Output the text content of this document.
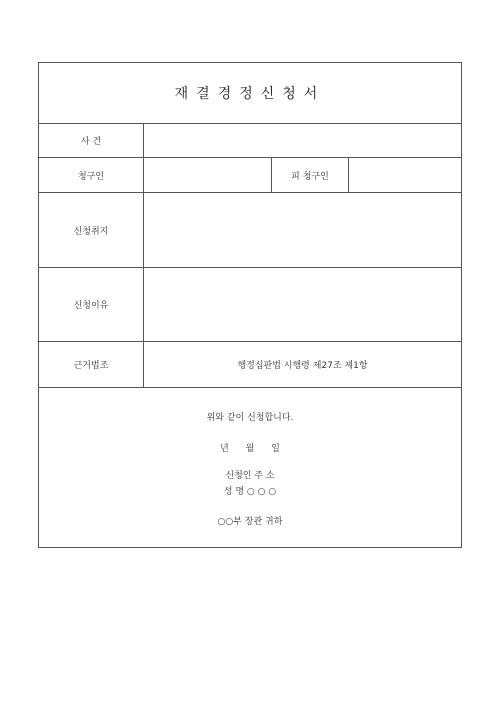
재결경정신청서
사 건
청구인	피 청구인
신청취지
신청이유
근거법조	행정심판법 시행령 제27조 제1항
위와 같이 신청합니다.
년 월 일
신청인 주 소
성 명 ○ ○ ○
○○부 장관 귀하
